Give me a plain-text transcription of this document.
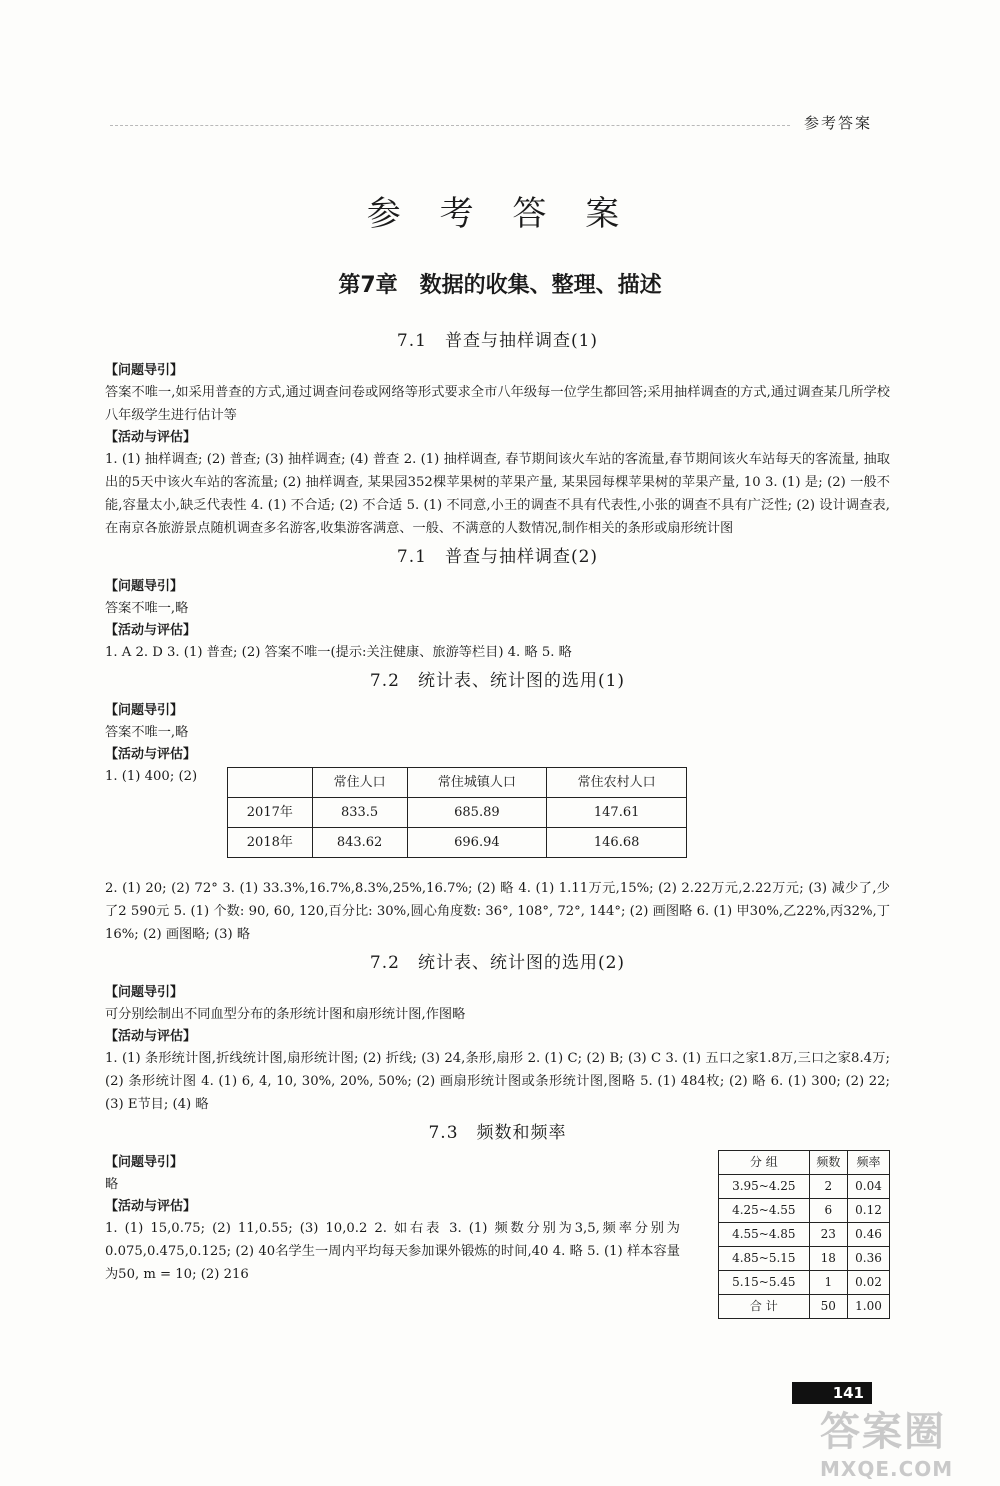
参考答案
参 考 答 案
第7章 数据的收集、整理、描述
7.1 普查与抽样调查(1)
【问题导引】
答案不唯一,如采用普查的方式,通过调查问卷或网络等形式要求全市八年级每一位学生都回答;采用抽样调查的方式,通过调查某几所学校八年级学生进行估计等
【活动与评估】
1. (1) 抽样调查; (2) 普查; (3) 抽样调查; (4) 普查 2. (1) 抽样调查, 春节期间该火车站的客流量,春节期间该火车站每天的客流量, 抽取出的5天中该火车站的客流量; (2) 抽样调查, 某果园352棵苹果树的苹果产量, 某果园每棵苹果树的苹果产量, 10 3. (1) 是; (2) 一般不能,容量太小,缺乏代表性 4. (1) 不合适; (2) 不合适 5. (1) 不同意,小王的调查不具有代表性,小张的调查不具有广泛性; (2) 设计调查表,在南京各旅游景点随机调查多名游客,收集游客满意、一般、不满意的人数情况,制作相关的条形或扇形统计图
7.1 普查与抽样调查(2)
【问题导引】
答案不唯一,略
【活动与评估】
1. A 2. D 3. (1) 普查; (2) 答案不唯一(提示:关注健康、旅游等栏目) 4. 略 5. 略
7.2 统计表、统计图的选用(1)
【问题导引】
答案不唯一,略
【活动与评估】
1. (1) 400; (2)
		常住人口	常住城镇人口	常住农村人口
2017年	833.5	685.89	147.61
2018年	843.62	696.94	146.68
2. (1) 20; (2) 72° 3. (1) 33.3%,16.7%,8.3%,25%,16.7%; (2) 略 4. (1) 1.11万元,15%; (2) 2.22万元,2.22万元; (3) 减少了,少了2 590元 5. (1) 个数: 90, 60, 120,百分比: 30%,圆心角度数: 36°, 108°, 72°, 144°; (2) 画图略 6. (1) 甲30%,乙22%,丙32%,丁16%; (2) 画图略; (3) 略
7.2 统计表、统计图的选用(2)
【问题导引】
可分别绘制出不同血型分布的条形统计图和扇形统计图,作图略
【活动与评估】
1. (1) 条形统计图,折线统计图,扇形统计图; (2) 折线; (3) 24,条形,扇形 2. (1) C; (2) B; (3) C 3. (1) 五口之家1.8万,三口之家8.4万; (2) 条形统计图 4. (1) 6, 4, 10, 30%, 20%, 50%; (2) 画扇形统计图或条形统计图,图略 5. (1) 484枚; (2) 略 6. (1) 300; (2) 22; (3) E节目; (4) 略
7.3 频数和频率
【问题导引】
略
【活动与评估】
1. (1) 15,0.75; (2) 11,0.55; (3) 10,0.2 2. 如右表 3. (1) 频数分别为3,5,频率分别为0.075,0.475,0.125; (2) 40名学生一周内平均每天参加课外锻炼的时间,40 4. 略 5. (1) 样本容量为50, m = 10; (2) 216
分 组	频数	频率
3.95~4.25	2	0.04
4.25~4.55	6	0.12
4.55~4.85	23	0.46
4.85~5.15	18	0.36
5.15~5.45	1	0.02
合 计	50	1.00
141
答案圈
MXQE.COM
